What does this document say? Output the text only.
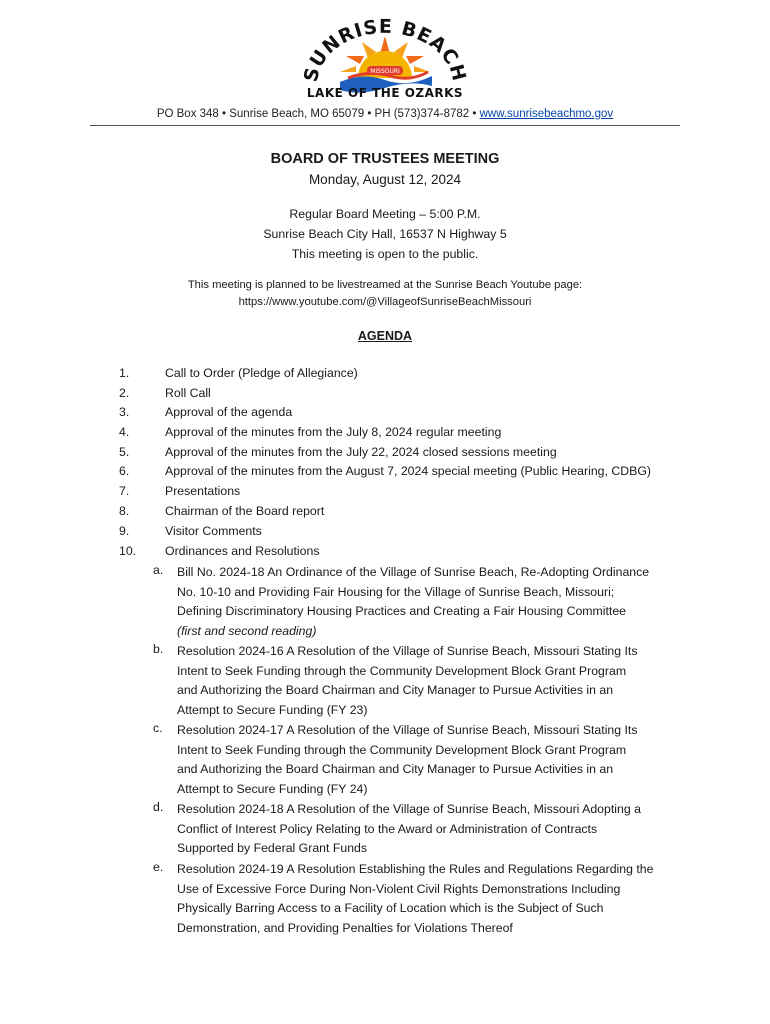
SUNRISE BEACH
MISSOURI
LAKE OF THE OZARKS
PO Box 348 • Sunrise Beach, MO 65079 • PH (573)374-8782 • www.sunrisebeachmo.gov
BOARD OF TRUSTEES MEETING
Monday, August 12, 2024
Regular Board Meeting – 5:00 P.M.
Sunrise Beach City Hall, 16537 N Highway 5
This meeting is open to the public.
This meeting is planned to be livestreamed at the Sunrise Beach Youtube page:
https://www.youtube.com/@VillageofSunriseBeachMissouri
AGENDA
1.	Call to Order (Pledge of Allegiance)
2.	Roll Call
3.	Approval of the agenda
4.	Approval of the minutes from the July 8, 2024 regular meeting
5.	Approval of the minutes from the July 22, 2024 closed sessions meeting
6.	Approval of the minutes from the August 7, 2024 special meeting (Public Hearing, CDBG)
7.	Presentations
8.	Chairman of the Board report
9.	Visitor Comments
10. Ordinances and Resolutions
a. Bill No. 2024-18 An Ordinance of the Village of Sunrise Beach, Re-Adopting Ordinance
No. 10-10 and Providing Fair Housing for the Village of Sunrise Beach, Missouri;
Defining Discriminatory Housing Practices and Creating a Fair Housing Committee
(first and second reading)
b. Resolution 2024-16 A Resolution of the Village of Sunrise Beach, Missouri Stating Its
Intent to Seek Funding through the Community Development Block Grant Program
and Authorizing the Board Chairman and City Manager to Pursue Activities in an
Attempt to Secure Funding (FY 23)
c. Resolution 2024-17 A Resolution of the Village of Sunrise Beach, Missouri Stating Its
Intent to Seek Funding through the Community Development Block Grant Program
and Authorizing the Board Chairman and City Manager to Pursue Activities in an
Attempt to Secure Funding (FY 24)
d. Resolution 2024-18 A Resolution of the Village of Sunrise Beach, Missouri Adopting a
Conflict of Interest Policy Relating to the Award or Administration of Contracts
Supported by Federal Grant Funds
e. Resolution 2024-19 A Resolution Establishing the Rules and Regulations Regarding the
Use of Excessive Force During Non-Violent Civil Rights Demonstrations Including
Physically Barring Access to a Facility of Location which is the Subject of Such
Demonstration, and Providing Penalties for Violations Thereof
